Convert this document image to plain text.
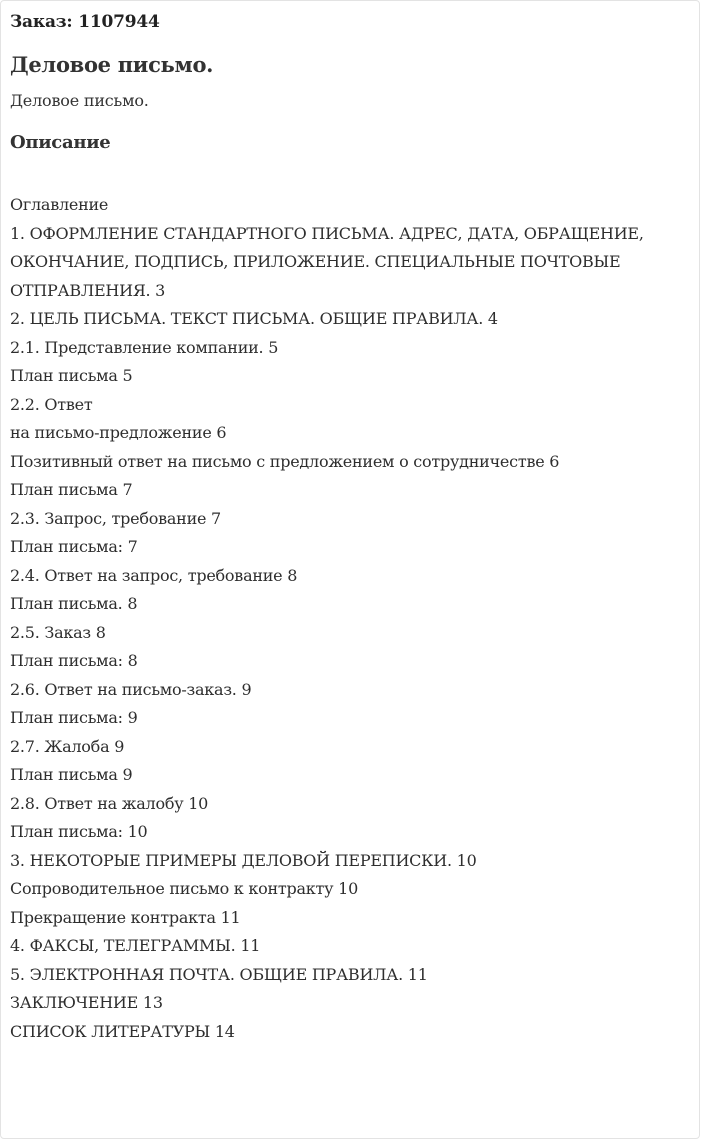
Заказ: 1107944
Деловое письмо.

Деловое письмо.

Описание
Оглавление
1. ОФОРМЛЕНИЕ СТАНДАРТНОГО ПИСЬМА. АДРЕС, ДАТА, ОБРАЩЕНИЕ,
ОКОНЧАНИЕ, ПОДПИСЬ, ПРИЛОЖЕНИЕ. СПЕЦИАЛЬНЫЕ ПОЧТОВЫЕ
ОТПРАВЛЕНИЯ. 3
2. ЦЕЛЬ ПИСЬМА. ТЕКСТ ПИСЬМА. ОБЩИЕ ПРАВИЛА. 4
2.1. Представление компании. 5
План письма 5
2.2. Ответ
на письмо-предложение 6
Позитивный ответ на письмо с предложением о сотрудничестве 6
План письма 7
2.3. Запрос, требование 7
План письма: 7
2.4. Ответ на запрос, требование 8
План письма. 8
2.5. Заказ 8
План письма: 8
2.6. Ответ на письмо-заказ. 9
План письма: 9
2.7. Жалоба 9
План письма 9
2.8. Ответ на жалобу 10
План письма: 10
3. НЕКОТОРЫЕ ПРИМЕРЫ ДЕЛОВОЙ ПЕРЕПИСКИ. 10
Сопроводительное письмо к контракту 10
Прекращение контракта 11
4. ФАКСЫ, ТЕЛЕГРАММЫ. 11
5. ЭЛЕКТРОННАЯ ПОЧТА. ОБЩИЕ ПРАВИЛА. 11
ЗАКЛЮЧЕНИЕ 13
СПИСОК ЛИТЕРАТУРЫ 14
